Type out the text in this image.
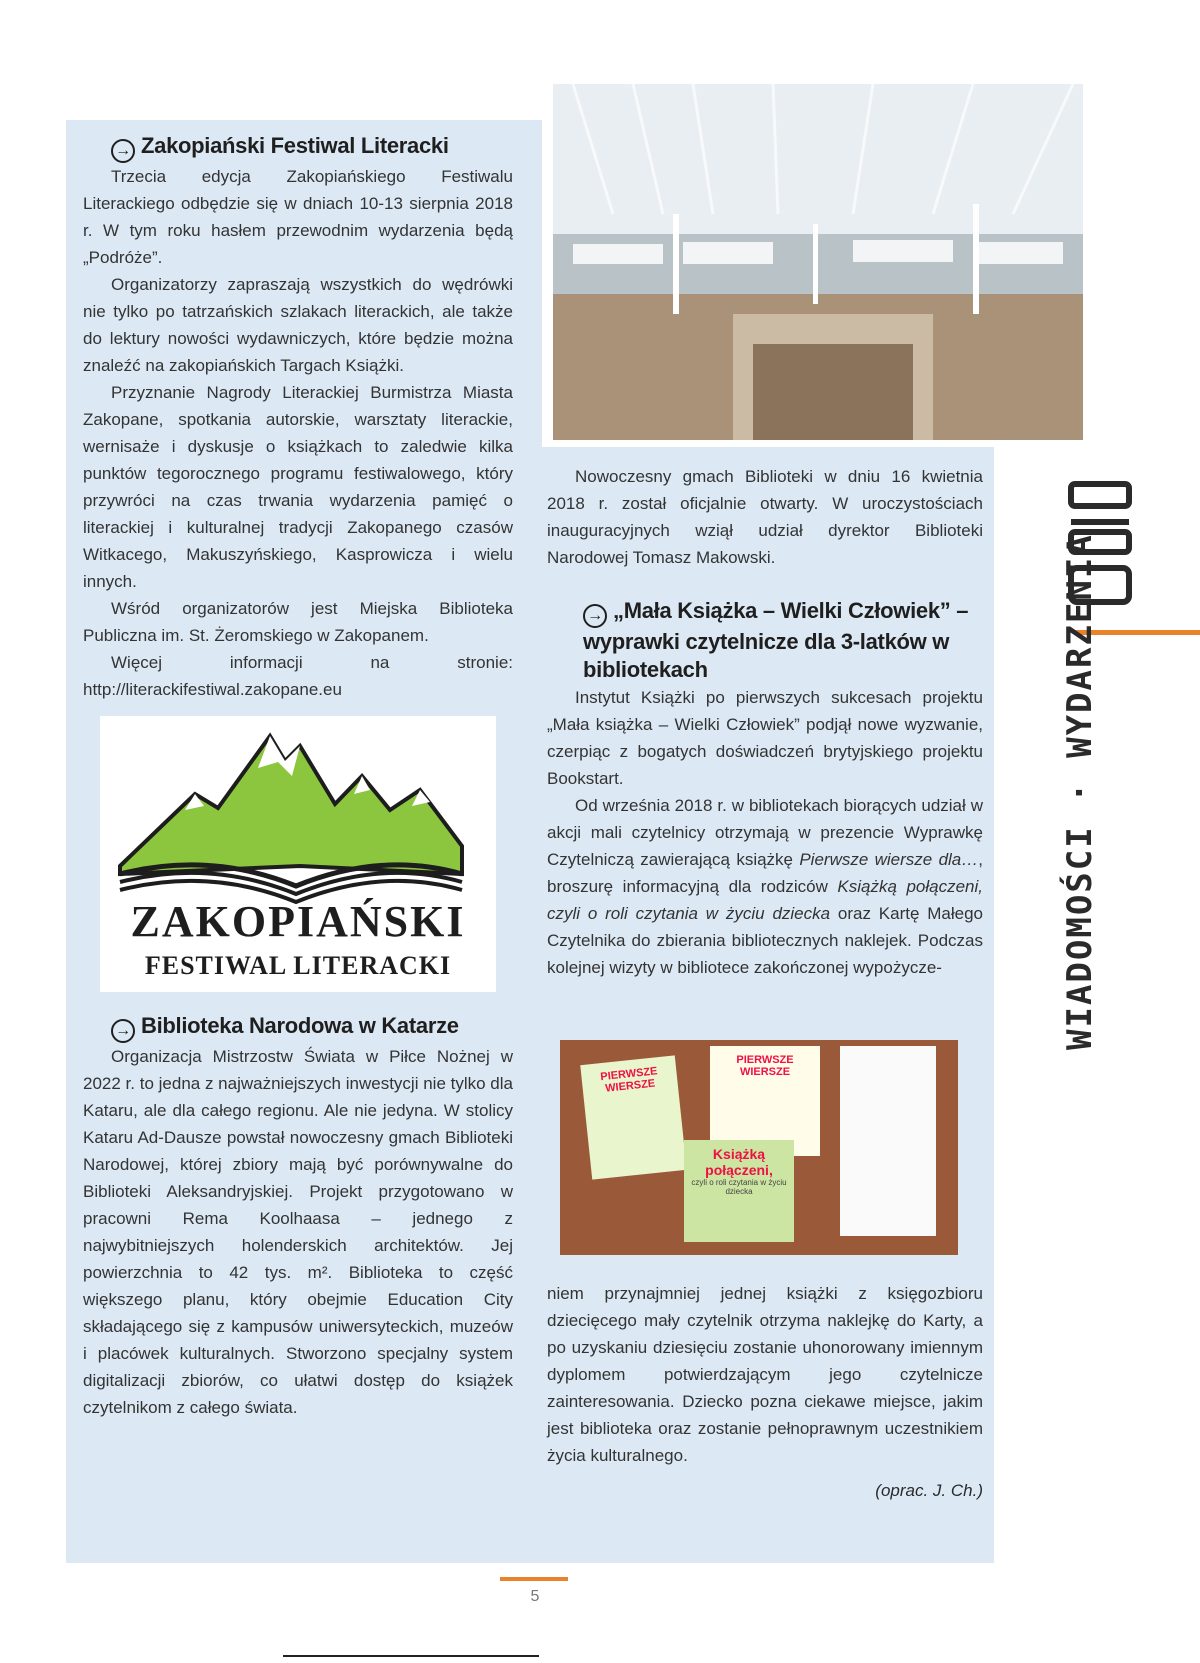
→ Zakopiański Festiwal Literacki

Trzecia edycja Zakopiańskiego Festiwalu Literackiego odbędzie się w dniach 10-13 sierpnia 2018 r. W tym roku hasłem przewodnim wydarzenia będą „Podróże”.

Organizatorzy zapraszają wszystkich do wędrówki nie tylko po tatrzańskich szlakach literackich, ale także do lektury nowości wydawniczych, które będzie można znaleźć na zakopiańskich Targach Książki.

Przyznanie Nagrody Literackiej Burmistrza Miasta Zakopane, spotkania autorskie, warsztaty literackie, wernisaże i dyskusje o książkach to zaledwie kilka punktów tegorocznego programu festiwalowego, który przywróci na czas trwania wydarzenia pamięć o literackiej i kulturalnej tradycji Zakopanego czasów Witkacego, Makuszyńskiego, Kasprowicza i wielu innych.

Wśród organizatorów jest Miejska Biblioteka Publiczna im. St. Żeromskiego w Zakopanem.

Więcej informacji na stronie: http://literackifestiwal.zakopane.eu

ZAKOPIAŃSKI
FESTIWAL LITERACKI
→ Biblioteka Narodowa w Katarze

Organizacja Mistrzostw Świata w Piłce Nożnej w 2022 r. to jedna z najważniejszych inwestycji nie tylko dla Kataru, ale dla całego regionu. Ale nie jedyna. W stolicy Kataru Ad-Dausze powstał nowoczesny gmach Biblioteki Narodowej, której zbiory mają być porównywalne do Biblioteki Aleksandryjskiej. Projekt przygotowano w pracowni Rema Koolhaasa – jednego z najwybitniejszych holenderskich architektów. Jej powierzchnia to 42 tys. m². Biblioteka to część większego planu, który obejmie Education City składającego się z kampusów uniwersyteckich, muzeów i placówek kulturalnych. Stworzono specjalny system digitalizacji zbiorów, co ułatwi dostęp do książek czytelnikom z całego świata.

Nowoczesny gmach Biblioteki w dniu 16 kwietnia 2018 r. został oficjalnie otwarty. W uroczystościach inauguracyjnych wziął udział dyrektor Biblioteki Narodowej Tomasz Makowski.

→ „Mała Książka – Wielki Człowiek” – wyprawki czytelnicze dla 3-latków w bibliotekach

Instytut Książki po pierwszych sukcesach projektu „Mała książka – Wielki Człowiek” podjął nowe wyzwanie, czerpiąc z bogatych doświadczeń brytyjskiego projektu Bookstart.

Od września 2018 r. w bibliotekach biorących udział w akcji mali czytelnicy otrzymają w prezencie Wyprawkę Czytelniczą zawierającą książkę Pierwsze wiersze dla…, broszurę informacyjną dla rodziców Książką połączeni, czyli o roli czytania w życiu dziecka oraz Kartę Małego Czytelnika do zbierania bibliotecznych naklejek. Podczas kolejnej wizyty w bibliotece zakończonej wypożycze-

PIERWSZE WIERSZE
PIERWSZE WIERSZE
Książką połączeni,
czyli o roli czytania w życiu dziecka

niem przynajmniej jednej książki z księgozbioru dziecięcego mały czytelnik otrzyma naklejkę do Karty, a po uzyskaniu dziesięciu zostanie uhonorowany imiennym dyplomem potwierdzającym jego czytelnicze zainteresowania. Dziecko pozna ciekawe miejsce, jakim jest biblioteka oraz zostanie pełnoprawnym uczestnikiem życia kulturalnego.

(oprac. J. Ch.)
WIADOMOŚCI · WYDARZENIA
5
